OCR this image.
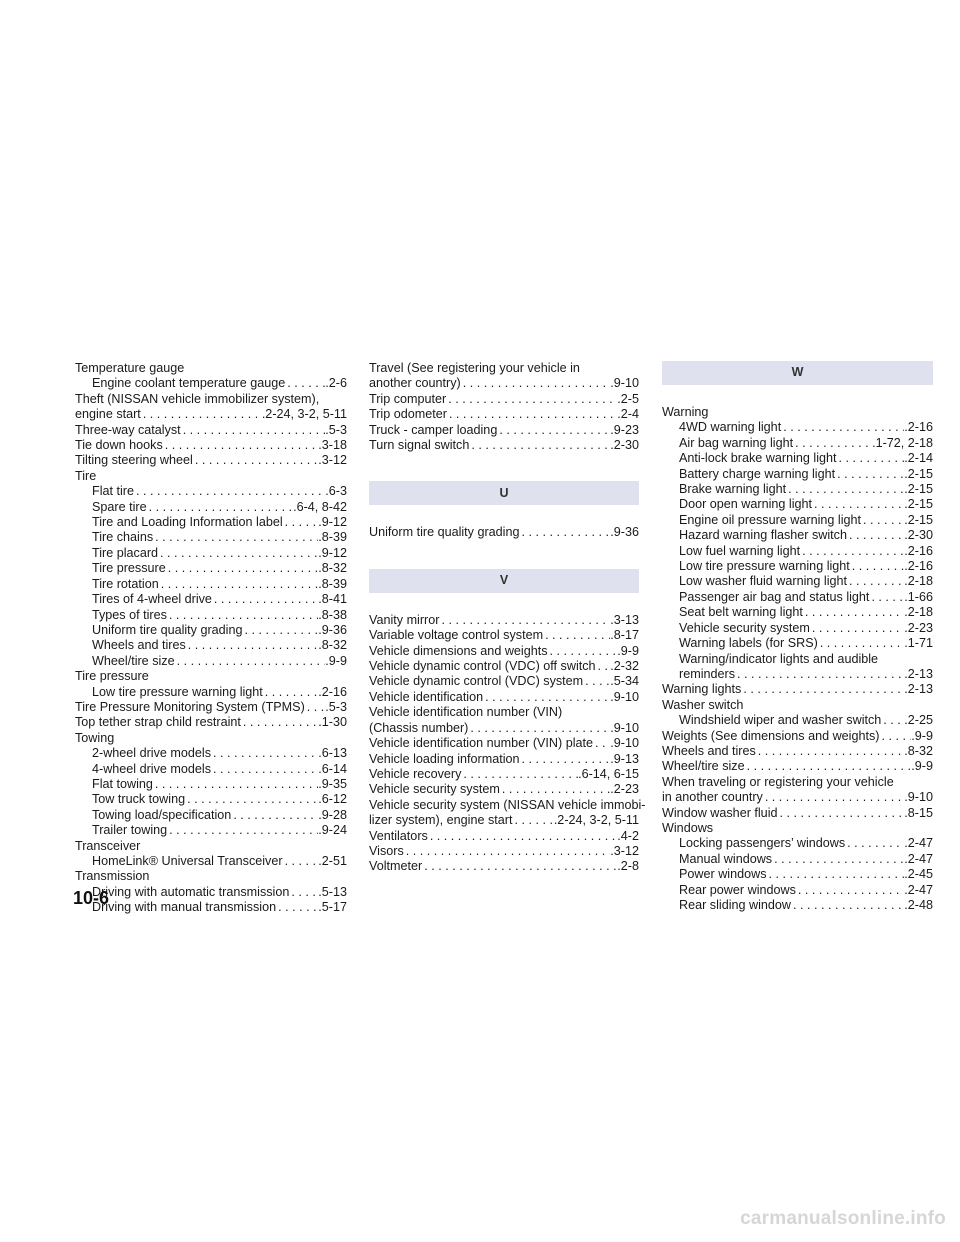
Temperature gauge
Engine coolant temperature gauge . . .	.2-6
Theft (NISSAN vehicle immobilizer system),
engine start . . .	.2-24, 3-2, 5-11
Three-way catalyst . . .	.5-3
Tie down hooks . . .	.3-18
Tilting steering wheel . . .	.3-12
Tire
Flat tire . . .	.6-3
Spare tire . . .	.6-4, 8-42
Tire and Loading Information label . . .	.9-12
Tire chains . . .	.8-39
Tire placard . . .	.9-12
Tire pressure . . .	.8-32
Tire rotation . . .	.8-39
Tires of 4-wheel drive . . .	.8-41
Types of tires . . .	.8-38
Uniform tire quality grading . . .	.9-36
Wheels and tires . . .	.8-32
Wheel/tire size . . .	.9-9
Tire pressure
Low tire pressure warning light . . .	.2-16
Tire Pressure Monitoring System (TPMS) . . . .5-3
Top tether strap child restraint . . .	.1-30
Towing
2-wheel drive models . . .	.6-13
4-wheel drive models . . .	.6-14
Flat towing . . .	.9-35
Tow truck towing . . .	.6-12
Towing load/specification . . .	.9-28
Trailer towing . . .	.9-24
Transceiver
HomeLink® Universal Transceiver . . .	.2-51
Transmission
Driving with automatic transmission . . . .5-13
Driving with manual transmission . . .	.5-17
Travel (See registering your vehicle in
another country) . . .	.9-10
Trip computer . . .	.2-5
Trip odometer . . .	.2-4
Truck - camper loading . . .	.9-23
Turn signal switch . . .	.2-30
U
Uniform tire quality grading . . .	.9-36
V
Vanity mirror . . .	.3-13
Variable voltage control system . . .	.8-17
Vehicle dimensions and weights . . .	.9-9
Vehicle dynamic control (VDC) off switch . . . .2-32
Vehicle dynamic control (VDC) system . . . .5-34
Vehicle identification . . .	.9-10
Vehicle identification number (VIN)
(Chassis number) . . .	.9-10
Vehicle identification number (VIN) plate . . . .9-10
Vehicle loading information . . .	.9-13
Vehicle recovery . . .	.6-14, 6-15
Vehicle security system . . .	.2-23
Vehicle security system (NISSAN vehicle immobi-
lizer system), engine start . . .	.2-24, 3-2, 5-11
Ventilators . . .	.4-2
Visors . . .	.3-12
Voltmeter . . .	.2-8
W
Warning
4WD warning light . . .	.2-16
Air bag warning light . . .	.1-72, 2-18
Anti-lock brake warning light . . .	.2-14
Battery charge warning light . . .	.2-15
Brake warning light . . .	.2-15
Door open warning light . . .	.2-15
Engine oil pressure warning light . . .	.2-15
Hazard warning flasher switch . . .	.2-30
Low fuel warning light . . .	.2-16
Low tire pressure warning light . . .	.2-16
Low washer fluid warning light . . .	.2-18
Passenger air bag and status light . . .	.1-66
Seat belt warning light . . .	.2-18
Vehicle security system . . .	.2-23
Warning labels (for SRS) . . .	.1-71
Warning/indicator lights and audible
reminders . . .	.2-13
Warning lights . . .	.2-13
Washer switch
Windshield wiper and washer switch . . . .2-25
Weights (See dimensions and weights) . . .	.9-9
Wheels and tires . . .	.8-32
Wheel/tire size . . .	.9-9
When traveling or registering your vehicle
in another country . . .	.9-10
Window washer fluid . . .	.8-15
Windows
Locking passengers’ windows . . .	.2-47
Manual windows . . .	.2-47
Power windows . . .	.2-45
Rear power windows . . .	.2-47
Rear sliding window . . .	.2-48
10-6
carmanualsonline.info
